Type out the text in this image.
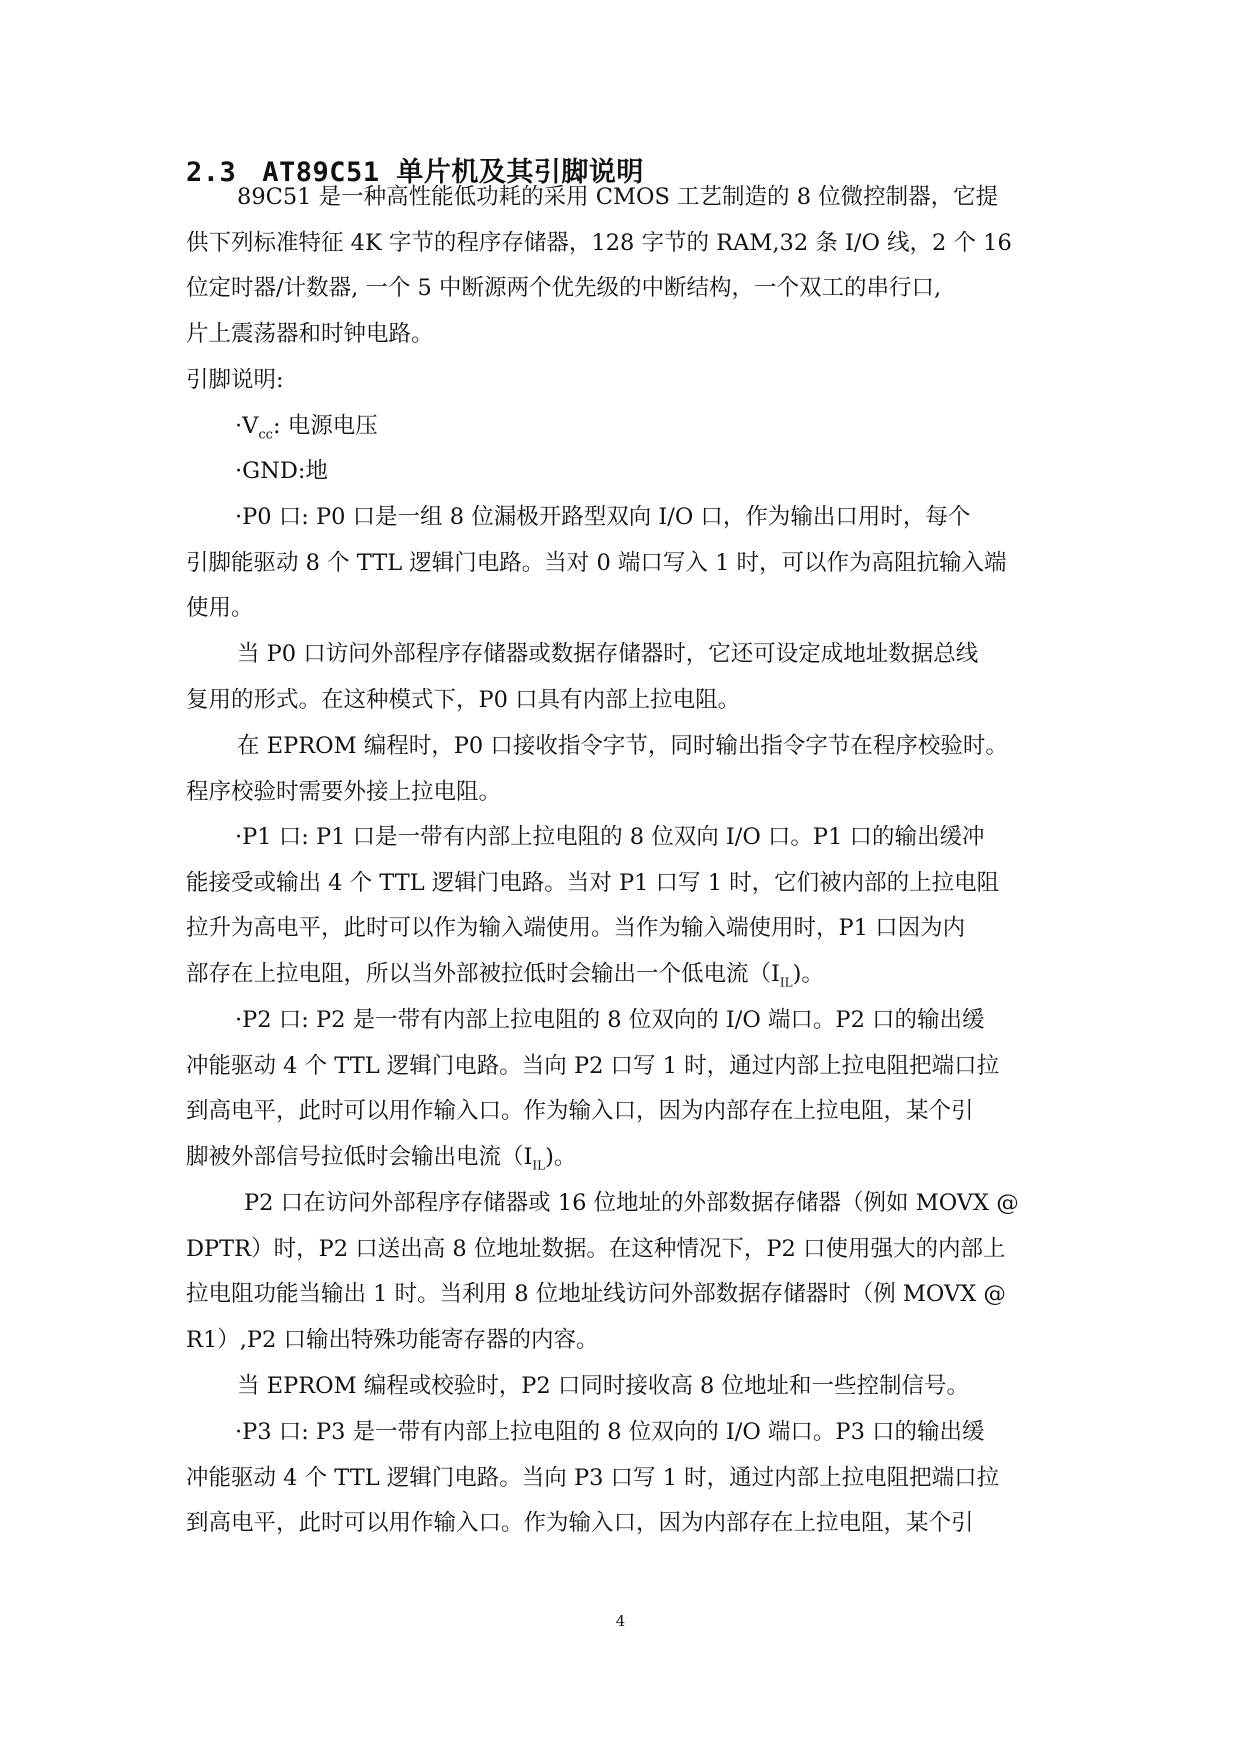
2.3 AT89C51 单片机及其引脚说明
89C51 是一种高性能低功耗的采用 CMOS 工艺制造的 8 位微控制器，它提
供下列标准特征 4K 字节的程序存储器，128 字节的 RAM,32 条 I/O 线，2 个 16
位定时器/计数器, 一个 5 中断源两个优先级的中断结构，一个双工的串行口,
片上震荡器和时钟电路。
引脚说明:
$\cdot V_{cc}$: 电源电压
·GND:地
·P0 口: P0 口是一组 8 位漏极开路型双向 I/O 口，作为输出口用时，每个
引脚能驱动 8 个 TTL 逻辑门电路。当对 0 端口写入 1 时，可以作为高阻抗输入端
使用。
当 P0 口访问外部程序存储器或数据存储器时，它还可设定成地址数据总线
复用的形式。在这种模式下，P0 口具有内部上拉电阻。
在 EPROM 编程时，P0 口接收指令字节，同时输出指令字节在程序校验时。
程序校验时需要外接上拉电阻。
·P1 口: P1 口是一带有内部上拉电阻的 8 位双向 I/O 口。P1 口的输出缓冲
能接受或输出 4 个 TTL 逻辑门电路。当对 P1 口写 1 时，它们被内部的上拉电阻
拉升为高电平，此时可以作为输入端使用。当作为输入端使用时，P1 口因为内
部存在上拉电阻，所以当外部被拉低时会输出一个低电流$(I_{IL})$。
·P2 口: P2 是一带有内部上拉电阻的 8 位双向的 I/O 端口。P2 口的输出缓
冲能驱动 4 个 TTL 逻辑门电路。当向 P2 口写 1 时，通过内部上拉电阻把端口拉
到高电平，此时可以用作输入口。作为输入口，因为内部存在上拉电阻，某个引
脚被外部信号拉低时会输出电流$(I_{IL})$。
P2 口在访问外部程序存储器或 16 位地址的外部数据存储器（例如 MOVX @
DPTR）时，P2 口送出高 8 位地址数据。在这种情况下，P2 口使用强大的内部上
拉电阻功能当输出 1 时。当利用 8 位地址线访问外部数据存储器时（例 MOVX @
R1）,P2 口输出特殊功能寄存器的内容。
当 EPROM 编程或校验时，P2 口同时接收高 8 位地址和一些控制信号。
·P3 口: P3 是一带有内部上拉电阻的 8 位双向的 I/O 端口。P3 口的输出缓
冲能驱动 4 个 TTL 逻辑门电路。当向 P3 口写 1 时，通过内部上拉电阻把端口拉
到高电平，此时可以用作输入口。作为输入口，因为内部存在上拉电阻，某个引
4
